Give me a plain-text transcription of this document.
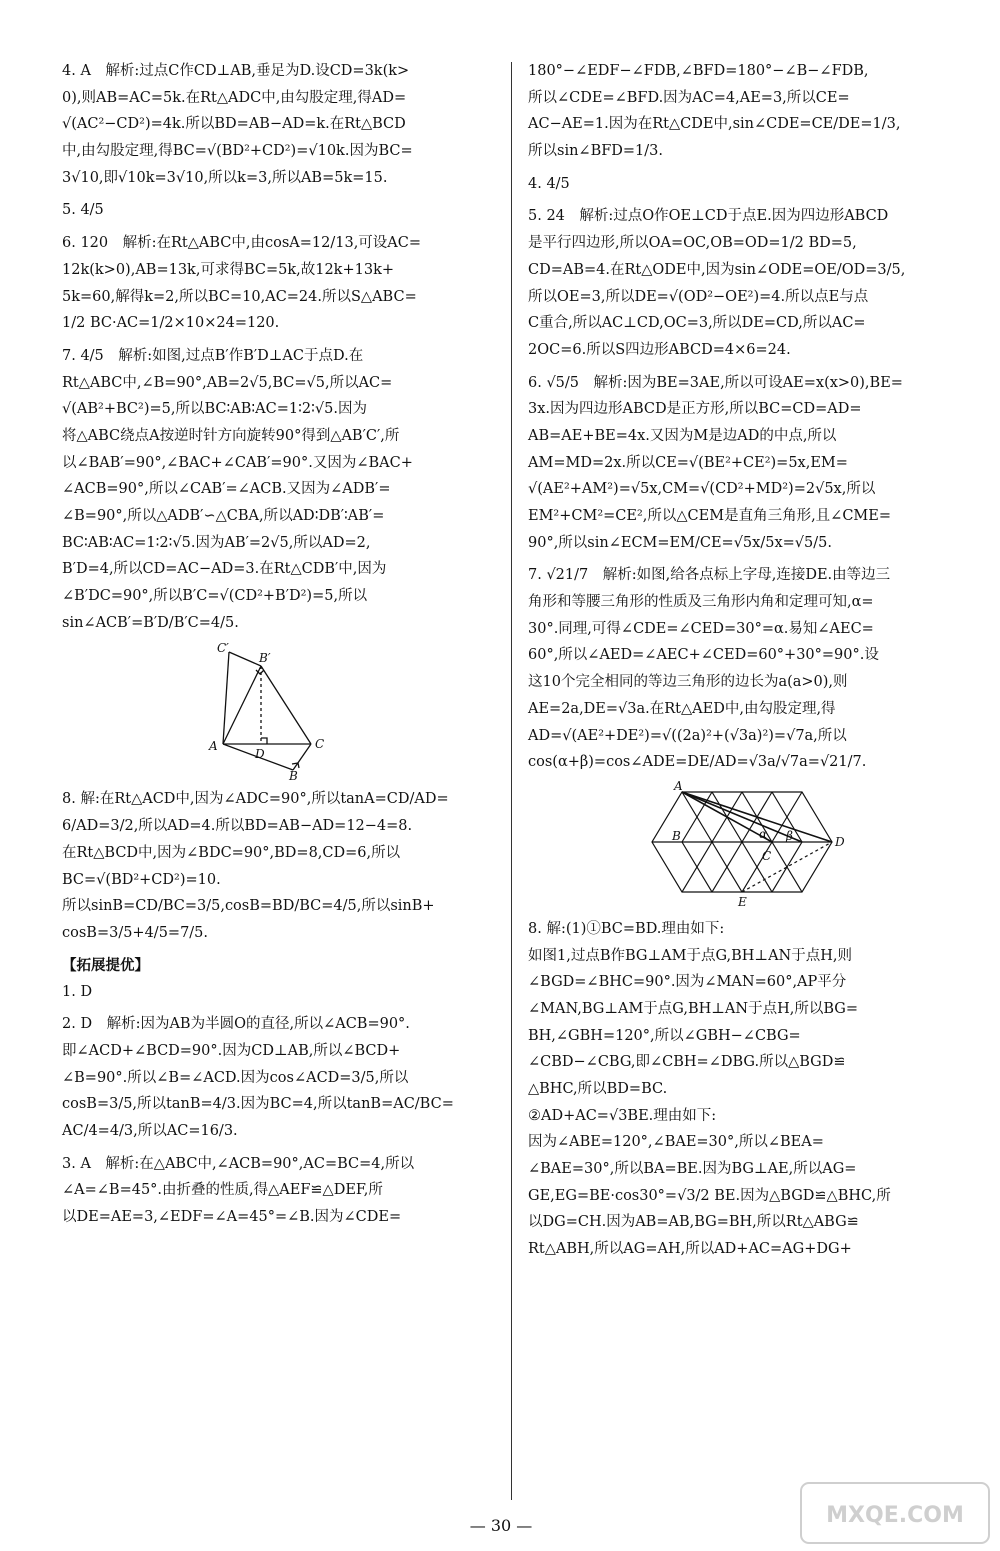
4. A　解析:过点C作CD⊥AB,垂足为D.设CD=3k(k>
0),则AB=AC=5k.在Rt△ADC中,由勾股定理,得AD=
√(AC²−CD²)=4k.所以BD=AB−AD=k.在Rt△BCD
中,由勾股定理,得BC=√(BD²+CD²)=√10k.因为BC=
3√10,即√10k=3√10,所以k=3,所以AB=5k=15.
5. 4/5
6. 120　解析:在Rt△ABC中,由cosA=12/13,可设AC=
12k(k>0),AB=13k,可求得BC=5k,故12k+13k+
5k=60,解得k=2,所以BC=10,AC=24.所以S△ABC=
1/2 BC·AC=1/2×10×24=120.
7. 4/5　解析:如图,过点B′作B′D⊥AC于点D.在
Rt△ABC中,∠B=90°,AB=2√5,BC=√5,所以AC=
√(AB²+BC²)=5,所以BC∶AB∶AC=1∶2∶√5.因为
将△ABC绕点A按逆时针方向旋转90°得到△AB′C′,所
以∠BAB′=90°,∠BAC+∠CAB′=90°.又因为∠BAC+
∠ACB=90°,所以∠CAB′=∠ACB.又因为∠ADB′=
∠B=90°,所以△ADB′∽△CBA,所以AD∶DB′∶AB′=
BC∶AB∶AC=1∶2∶√5.因为AB′=2√5,所以AD=2,
B′D=4,所以CD=AC−AD=3.在Rt△CDB′中,因为
∠B′DC=90°,所以B′C=√(CD²+B′D²)=5,所以
sin∠ACB′=B′D/B′C=4/5.
C′
B′
A
D
C
B
8. 解:在Rt△ACD中,因为∠ADC=90°,所以tanA=CD/AD=
6/AD=3/2,所以AD=4.所以BD=AB−AD=12−4=8.
在Rt△BCD中,因为∠BDC=90°,BD=8,CD=6,所以
BC=√(BD²+CD²)=10.
所以sinB=CD/BC=3/5,cosB=BD/BC=4/5,所以sinB+
cosB=3/5+4/5=7/5.
【拓展提优】
1. D
2. D　解析:因为AB为半圆O的直径,所以∠ACB=90°.
即∠ACD+∠BCD=90°.因为CD⊥AB,所以∠BCD+
∠B=90°.所以∠B=∠ACD.因为cos∠ACD=3/5,所以
cosB=3/5,所以tanB=4/3.因为BC=4,所以tanB=AC/BC=
AC/4=4/3,所以AC=16/3.
3. A　解析:在△ABC中,∠ACB=90°,AC=BC=4,所以
∠A=∠B=45°.由折叠的性质,得△AEF≌△DEF,所
以DE=AE=3,∠EDF=∠A=45°=∠B.因为∠CDE=
180°−∠EDF−∠FDB,∠BFD=180°−∠B−∠FDB,
所以∠CDE=∠BFD.因为AC=4,AE=3,所以CE=
AC−AE=1.因为在Rt△CDE中,sin∠CDE=CE/DE=1/3,
所以sin∠BFD=1/3.
4. 4/5
5. 24　解析:过点O作OE⊥CD于点E.因为四边形ABCD
是平行四边形,所以OA=OC,OB=OD=1/2 BD=5,
CD=AB=4.在Rt△ODE中,因为sin∠ODE=OE/OD=3/5,
所以OE=3,所以DE=√(OD²−OE²)=4.所以点E与点
C重合,所以AC⊥CD,OC=3,所以DE=CD,所以AC=
2OC=6.所以S四边形ABCD=4×6=24.
6. √5/5　解析:因为BE=3AE,所以可设AE=x(x>0),BE=
3x.因为四边形ABCD是正方形,所以BC=CD=AD=
AB=AE+BE=4x.又因为M是边AD的中点,所以
AM=MD=2x.所以CE=√(BE²+CE²)=5x,EM=
√(AE²+AM²)=√5x,CM=√(CD²+MD²)=2√5x,所以
EM²+CM²=CE²,所以△CEM是直角三角形,且∠CME=
90°,所以sin∠ECM=EM/CE=√5x/5x=√5/5.
7. √21/7　解析:如图,给各点标上字母,连接DE.由等边三
角形和等腰三角形的性质及三角形内角和定理可知,α=
30°.同理,可得∠CDE=∠CED=30°=α.易知∠AEC=
60°,所以∠AED=∠AEC+∠CED=60°+30°=90°.设
这10个完全相同的等边三角形的边长为a(a>0),则
AE=2a,DE=√3a.在Rt△AED中,由勾股定理,得
AD=√(AE²+DE²)=√((2a)²+(√3a)²)=√7a,所以
cos(α+β)=cos∠ADE=DE/AD=√3a/√7a=√21/7.
A
B	α β
C
D
E
8. 解:(1)①BC=BD.理由如下:
如图1,过点B作BG⊥AM于点G,BH⊥AN于点H,则
∠BGD=∠BHC=90°.因为∠MAN=60°,AP平分
∠MAN,BG⊥AM于点G,BH⊥AN于点H,所以BG=
BH,∠GBH=120°,所以∠GBH−∠CBG=
∠CBD−∠CBG,即∠CBH=∠DBG.所以△BGD≌
△BHC,所以BD=BC.
②AD+AC=√3BE.理由如下:
因为∠ABE=120°,∠BAE=30°,所以∠BEA=
∠BAE=30°,所以BA=BE.因为BG⊥AE,所以AG=
GE,EG=BE·cos30°=√3/2 BE.因为△BGD≌△BHC,所
以DG=CH.因为AB=AB,BG=BH,所以Rt△ABG≌
Rt△ABH,所以AG=AH,所以AD+AC=AG+DG+
— 30 —	MXQE.COM
